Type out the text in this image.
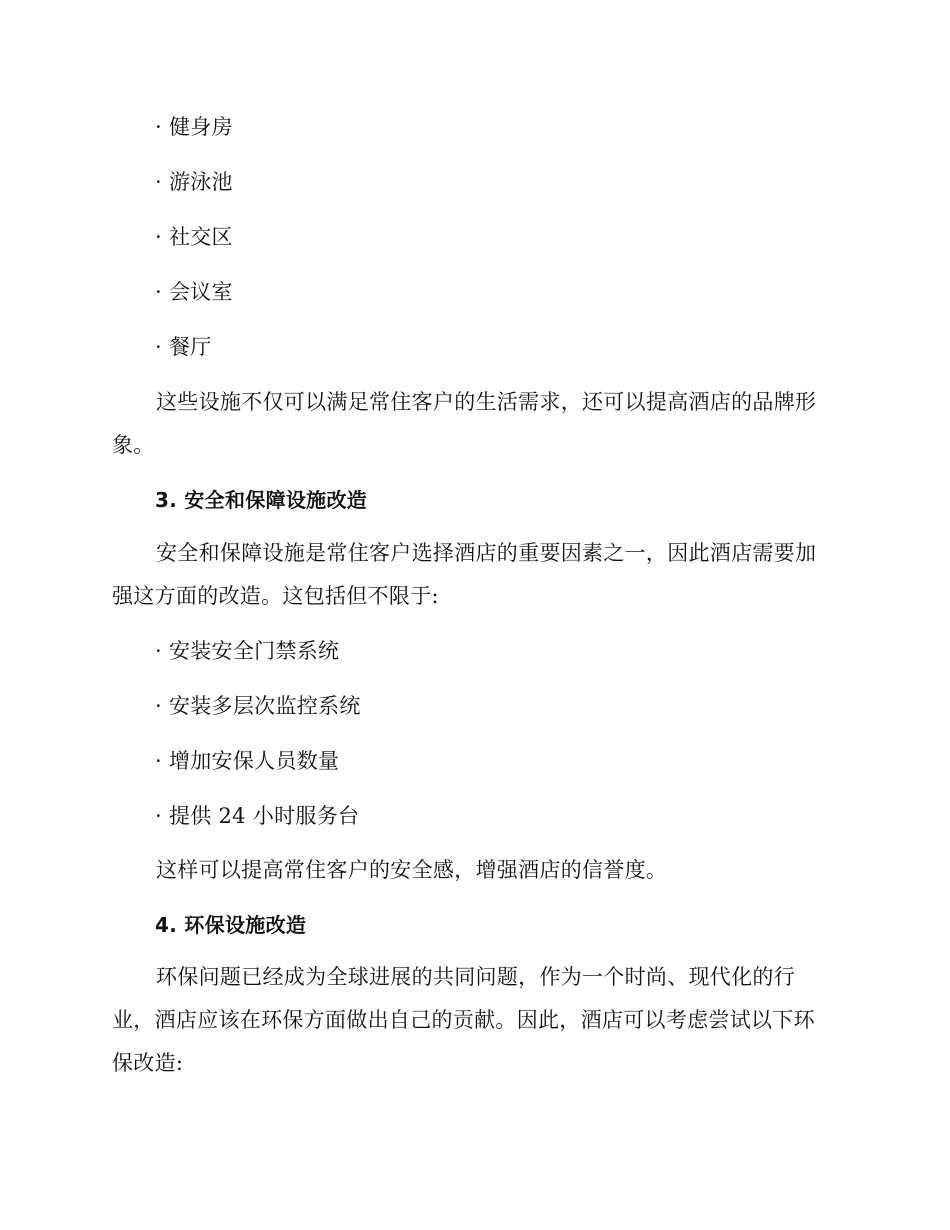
· 健身房
· 游泳池
· 社交区
· 会议室
· 餐厅
这些设施不仅可以满足常住客户的生活需求，还可以提高酒店的品牌形象。
3. 安全和保障设施改造
安全和保障设施是常住客户选择酒店的重要因素之一，因此酒店需要加强这方面的改造。这包括但不限于:
· 安装安全门禁系统
· 安装多层次监控系统
· 增加安保人员数量
· 提供 24 小时服务台
这样可以提高常住客户的安全感，增强酒店的信誉度。
4. 环保设施改造
环保问题已经成为全球进展的共同问题，作为一个时尚、现代化的行业，酒店应该在环保方面做出自己的贡献。因此，酒店可以考虑尝试以下环保改造:
